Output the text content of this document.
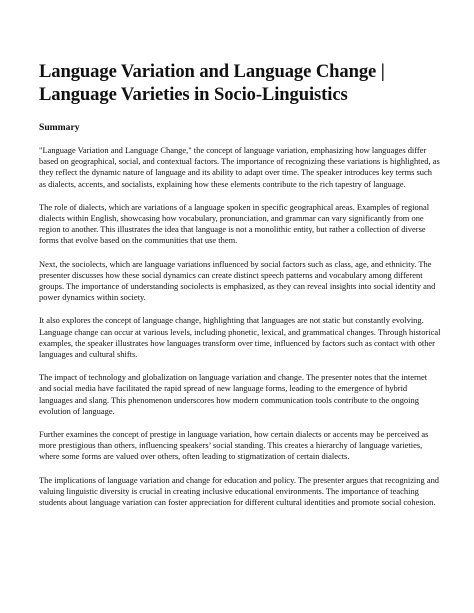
Language Variation and Language Change | Language Varieties in Socio-Linguistics
Summary

"Language Variation and Language Change," the concept of language variation, emphasizing how languages differ based on geographical, social, and contextual factors. The importance of recognizing these variations is highlighted, as they reflect the dynamic nature of language and its ability to adapt over time. The speaker introduces key terms such as dialects, accents, and socialists, explaining how these elements contribute to the rich tapestry of language.

The role of dialects, which are variations of a language spoken in specific geographical areas. Examples of regional dialects within English, showcasing how vocabulary, pronunciation, and grammar can vary significantly from one region to another. This illustrates the idea that language is not a monolithic entity, but rather a collection of diverse forms that evolve based on the communities that use them.

Next, the sociolects, which are language variations influenced by social factors such as class, age, and ethnicity. The presenter discusses how these social dynamics can create distinct speech patterns and vocabulary among different groups. The importance of understanding sociolects is emphasized, as they can reveal insights into social identity and power dynamics within society.

It also explores the concept of language change, highlighting that languages are not static but constantly evolving. Language change can occur at various levels, including phonetic, lexical, and grammatical changes. Through historical examples, the speaker illustrates how languages transform over time, influenced by factors such as contact with other languages and cultural shifts.

The impact of technology and globalization on language variation and change. The presenter notes that the internet and social media have facilitated the rapid spread of new language forms, leading to the emergence of hybrid languages and slang. This phenomenon underscores how modern communication tools contribute to the ongoing evolution of language.

Further examines the concept of prestige in language variation, how certain dialects or accents may be perceived as more prestigious than others, influencing speakers’ social standing. This creates a hierarchy of language varieties, where some forms are valued over others, often leading to stigmatization of certain dialects.

The implications of language variation and change for education and policy. The presenter argues that recognizing and valuing linguistic diversity is crucial in creating inclusive educational environments. The importance of teaching students about language variation can foster appreciation for different cultural identities and promote social cohesion.
